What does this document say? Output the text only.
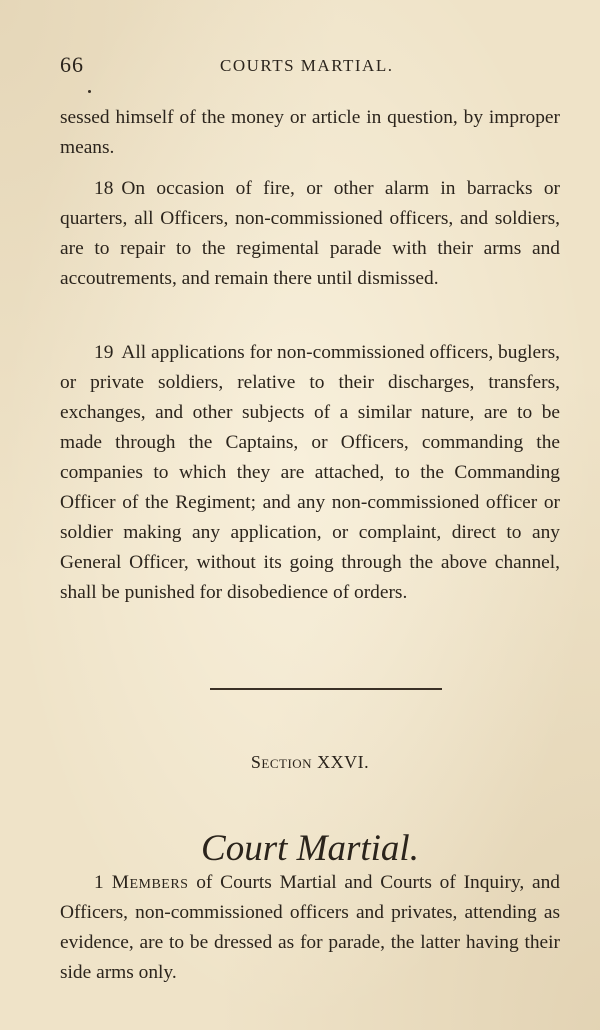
66	COURTS MARTIAL.

sessed himself of the money or article in question, by improper means.

18 On occasion of fire, or other alarm in barracks or quarters, all Officers, non-commissioned officers, and soldiers, are to repair to the regimental parade with their arms and accoutrements, and remain there until dismissed.

19 All applications for non-commissioned officers, buglers, or private soldiers, relative to their discharges, transfers, exchanges, and other subjects of a similar nature, are to be made through the Captains, or Officers, commanding the companies to which they are attached, to the Commanding Officer of the Regiment; and any non-commissioned officer or soldier making any application, or complaint, direct to any General Officer, without its going through the above channel, shall be punished for disobedience of orders.

Section XXVI.
Court Martial.

1 Members of Courts Martial and Courts of Inquiry, and Officers, non-commissioned officers and privates, attending as evidence, are to be dressed as for parade, the latter having their side arms only.
